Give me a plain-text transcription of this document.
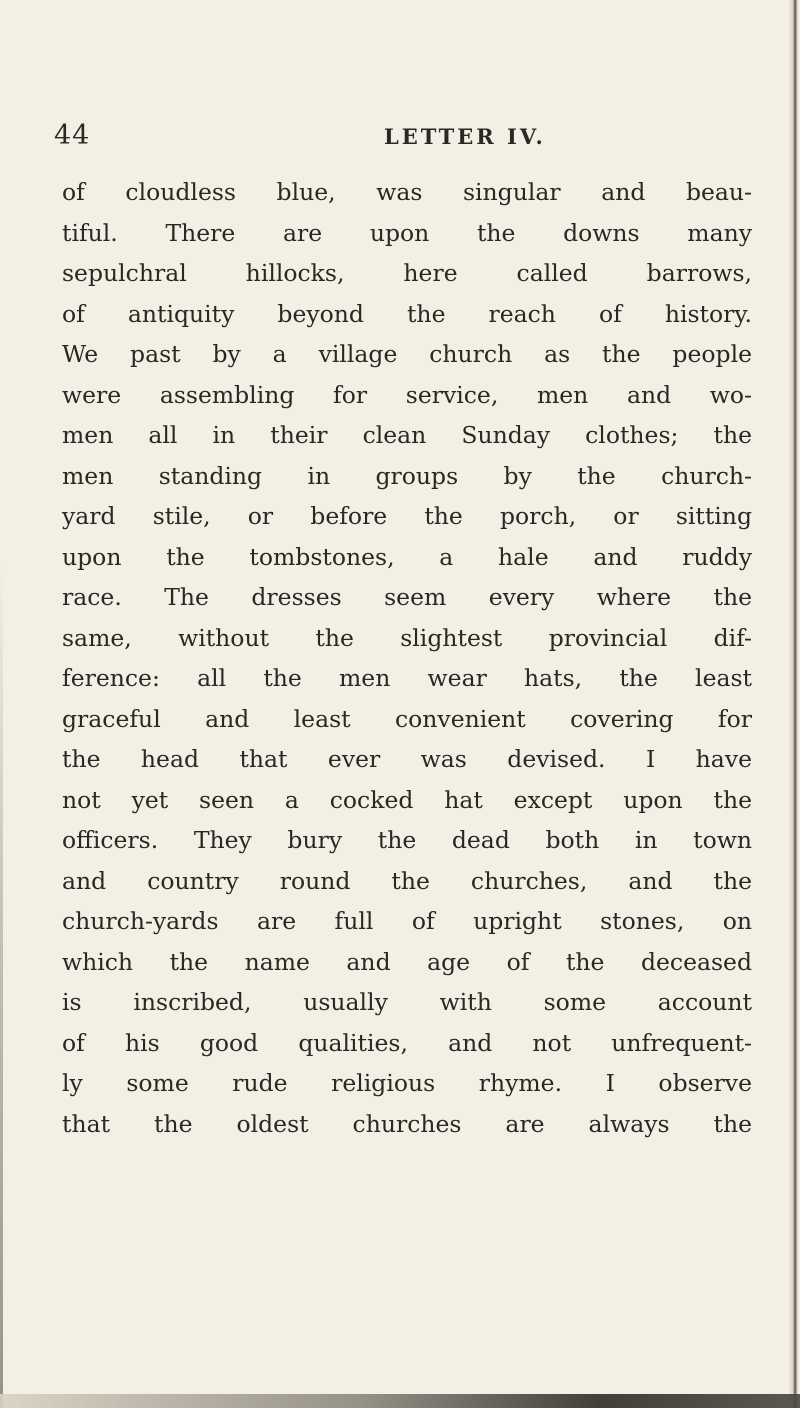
44	LETTER IV.
of cloudless blue, was singular and beau-
tiful. There are upon the downs many
sepulchral hillocks, here called barrows,
of antiquity beyond the reach of history.
We past by a village church as the people
were assembling for service, men and wo-
men all in their clean Sunday clothes; the
men standing in groups by the church-
yard stile, or before the porch, or sitting
upon the tombstones, a hale and ruddy
race. The dresses seem every where the
same, without the slightest provincial dif-
ference: all the men wear hats, the least
graceful and least convenient covering for
the head that ever was devised. I have
not yet seen a cocked hat except upon the
officers. They bury the dead both in town
and country round the churches, and the
church-yards are full of upright stones, on
which the name and age of the deceased
is inscribed, usually with some account
of his good qualities, and not unfrequent-
ly some rude religious rhyme. I observe
that the oldest churches are always the
